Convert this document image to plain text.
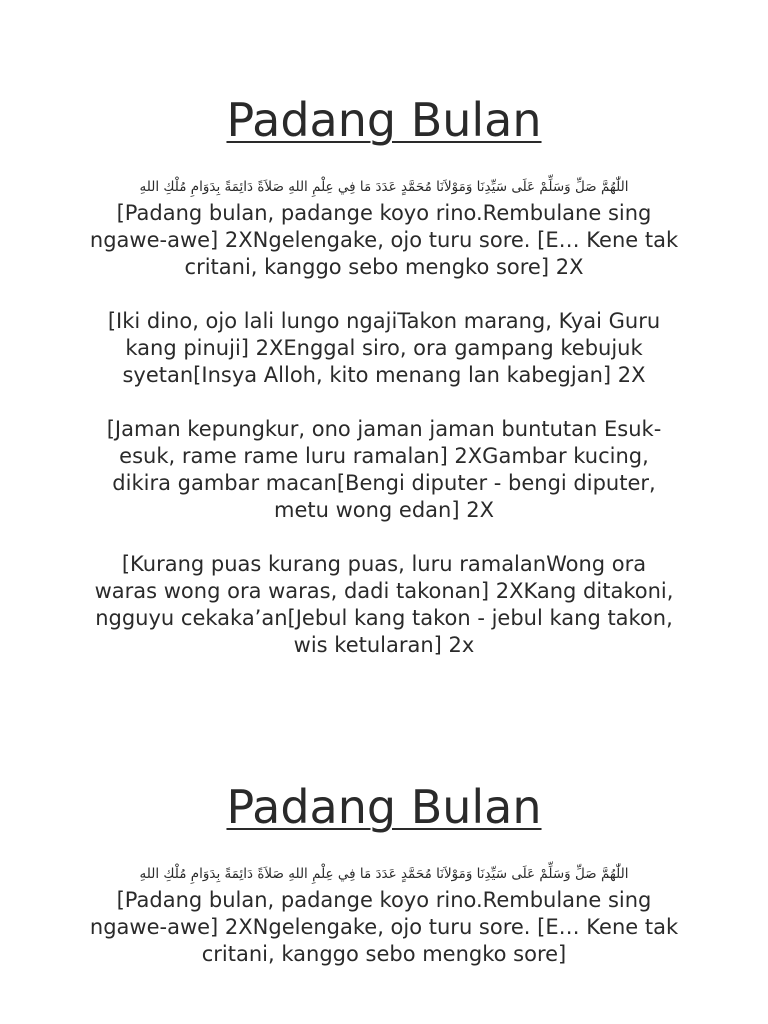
Padang Bulan
اللّٰهُمَّ صَلِّ وَسَلِّمْ عَلَى سَيِّدِنَا وَمَوْلاَنَا مُحَمَّدٍ عَدَدَ مَا فِي عِلْمِ اللهِ صَلاَةً دَائِمَةً بِدَوَامِ مُلْكِ اللهِ
[Padang bulan, padange koyo rino.Rembulane sing ngawe-awe] 2XNgelengake, ojo turu sore. [E… Kene tak critani, kanggo sebo mengko sore] 2X
[Iki dino, ojo lali lungo ngajiTakon marang, Kyai Guru kang pinuji] 2XEnggal siro, ora gampang kebujuk syetan[Insya Alloh, kito menang lan kabegjan] 2X
[Jaman kepungkur, ono jaman jaman buntutan Esuk-esuk, rame rame luru ramalan] 2XGambar kucing, dikira gambar macan[Bengi diputer - bengi diputer, metu wong edan] 2X
[Kurang puas kurang puas, luru ramalanWong ora waras wong ora waras, dadi takonan] 2XKang ditakoni, ngguyu cekaka’an[Jebul kang takon - jebul kang takon, wis ketularan] 2x
Padang Bulan
اللّٰهُمَّ صَلِّ وَسَلِّمْ عَلَى سَيِّدِنَا وَمَوْلاَنَا مُحَمَّدٍ عَدَدَ مَا فِي عِلْمِ اللهِ صَلاَةً دَائِمَةً بِدَوَامِ مُلْكِ اللهِ
[Padang bulan, padange koyo rino.Rembulane sing ngawe-awe] 2XNgelengake, ojo turu sore. [E… Kene tak critani, kanggo sebo mengko sore]
